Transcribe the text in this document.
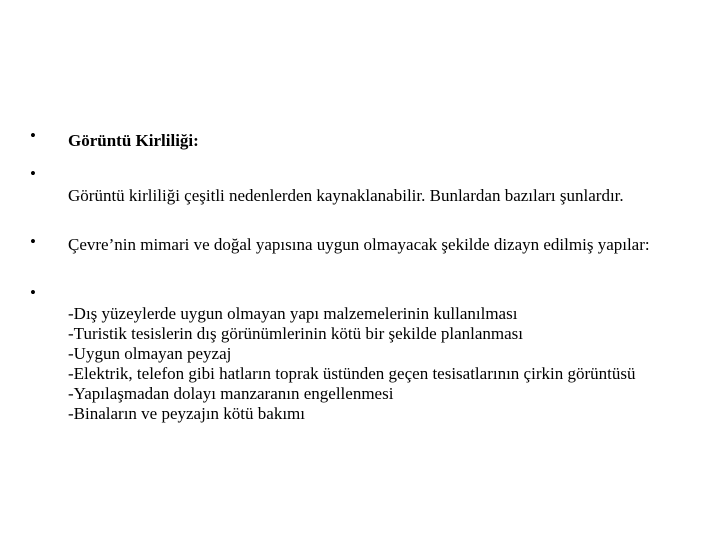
•	Görüntü Kirliliği:
•
Görüntü kirliliği çeşitli nedenlerden kaynaklanabilir. Bunlardan bazıları şunlardır.
•	Çevre’nin mimari ve doğal yapısına uygun olmayacak şekilde dizayn edilmiş yapılar:
•
-Dış yüzeylerde uygun olmayan yapı malzemelerinin kullanılması
-Turistik tesislerin dış görünümlerinin kötü bir şekilde planlanması
-Uygun olmayan peyzaj
-Elektrik, telefon gibi hatların toprak üstünden geçen tesisatlarının çirkin görüntüsü
-Yapılaşmadan dolayı manzaranın engellenmesi
-Binaların ve peyzajın kötü bakımı
